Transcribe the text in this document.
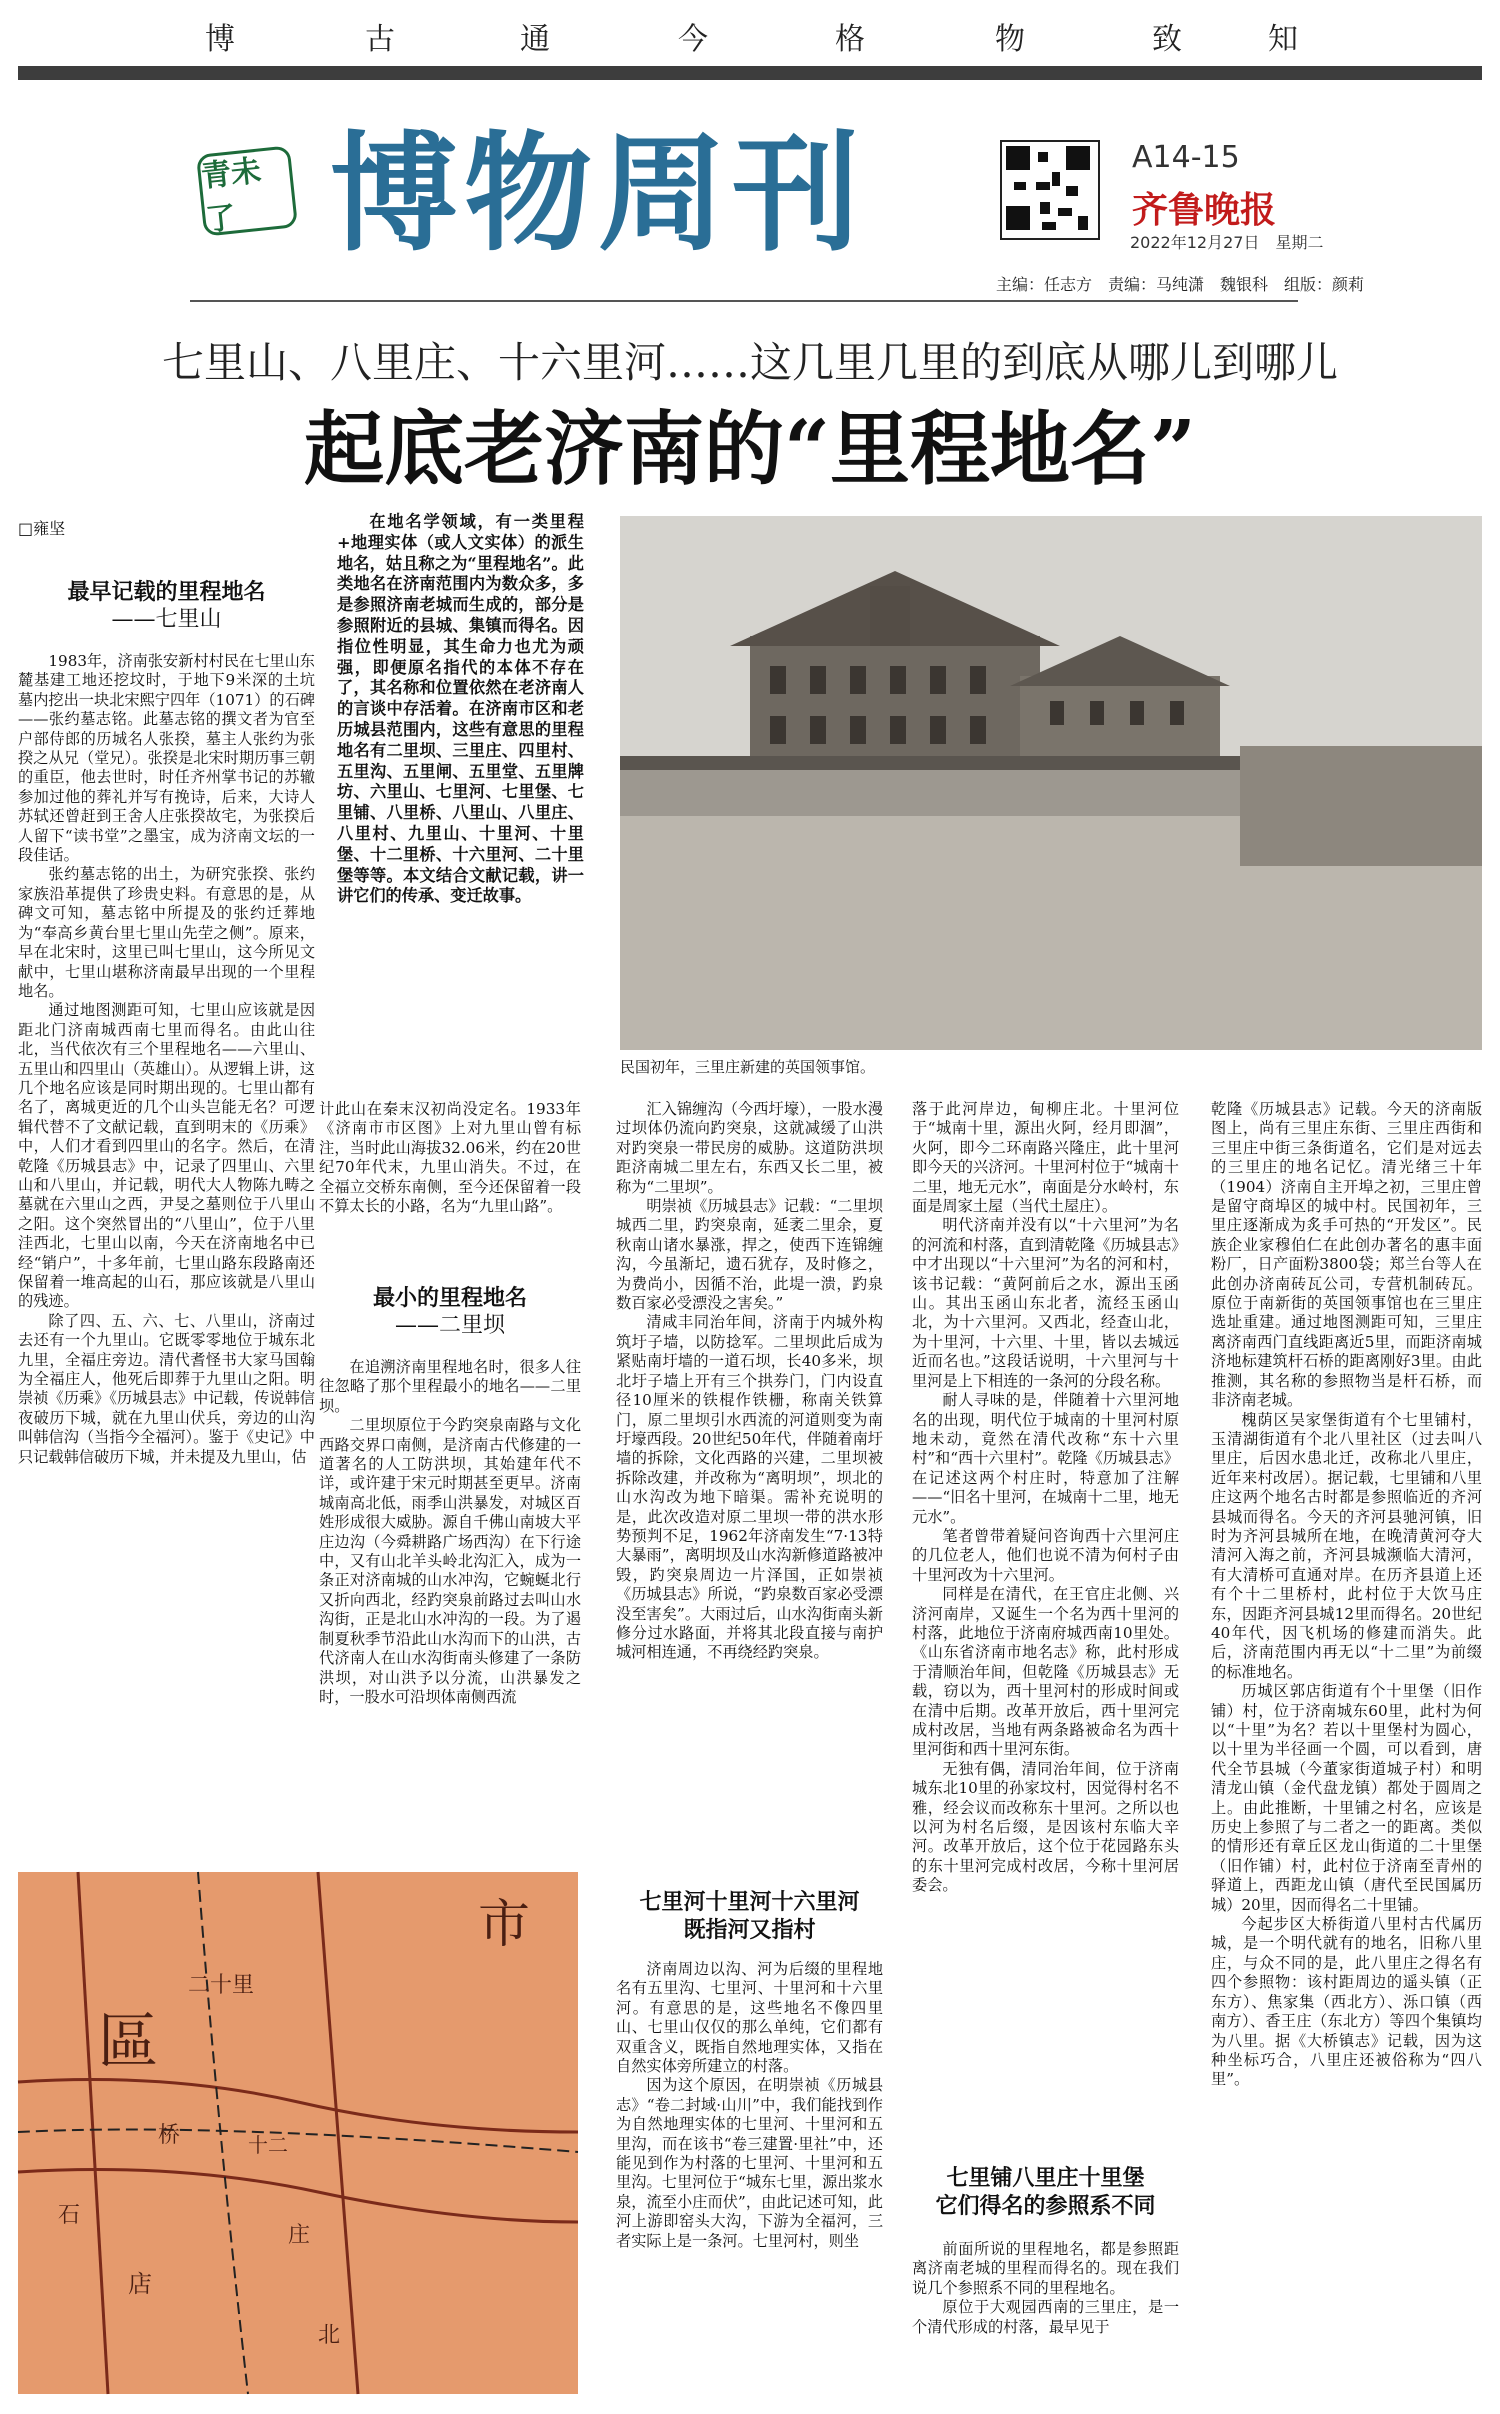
博	古	通	今	格	物	致	知
青未了 博物周刊	A14-15
齐鲁晚报
2022年12月27日　星期二
主编：任志方　责编：马纯潇　魏银科　组版：颜莉
七里山、八里庄、十六里河……这几里几里的到底从哪儿到哪儿
起底老济南的“里程地名”
□雍坚
最早记载的里程地名
——七里山

1983年，济南张安新村村民在七里山东麓基建工地还挖坟时，于地下9米深的土坑墓内挖出一块北宋熙宁四年（1071）的石碑——张约墓志铭。此墓志铭的撰文者为官至户部侍郎的历城名人张揆，墓主人张约为张揆之从兄（堂兄）。张揆是北宋时期历事三朝的重臣，他去世时，时任齐州掌书记的苏辙参加过他的葬礼并写有挽诗，后来，大诗人苏轼还曾赶到王舍人庄张揆故宅，为张揆后人留下“读书堂”之墨宝，成为济南文坛的一段佳话。

张约墓志铭的出土，为研究张揆、张约家族沿革提供了珍贵史料。有意思的是，从碑文可知，墓志铭中所提及的张约迁葬地为“奉高乡黄台里七里山先茔之侧”。原来，早在北宋时，这里已叫七里山，这今所见文献中，七里山堪称济南最早出现的一个里程地名。

通过地图测距可知，七里山应该就是因距北门济南城西南七里而得名。由此山往北，当代依次有三个里程地名——六里山、五里山和四里山（英雄山）。从逻辑上讲，这几个地名应该是同时期出现的。七里山都有名了，离城更近的几个山头岂能无名？可逻辑代替不了文献记载，直到明末的《历乘》中，人们才看到四里山的名字。然后，在清乾隆《历城县志》中，记录了四里山、六里山和八里山，并记载，明代大人物陈九畴之墓就在六里山之西，尹旻之墓则位于八里山之阳。这个突然冒出的“八里山”，位于八里洼西北，七里山以南，今天在济南地名中已经“销户”，十多年前，七里山路东段路南还保留着一堆高起的山石，那应该就是八里山的残迹。

除了四、五、六、七、八里山，济南过去还有一个九里山。它既零零地位于城东北九里，全福庄旁边。清代耆怪书大家马国翰为全福庄人，他死后即葬于九里山之阳。明崇祯《历乘》《历城县志》中记载，传说韩信夜破历下城，就在九里山伏兵，旁边的山沟叫韩信沟（当指今全福河）。鉴于《史记》中只记载韩信破历下城，并未提及九里山，估

在地名学领域，有一类里程+地理实体（或人文实体）的派生地名，姑且称之为“里程地名”。此类地名在济南范围内为数众多，多是参照济南老城而生成的，部分是参照附近的县城、集镇而得名。因指位性明显，其生命力也尤为顽强，即便原名指代的本体不存在了，其名称和位置依然在老济南人的言谈中存活着。在济南市区和老历城县范围内，这些有意思的里程地名有二里坝、三里庄、四里村、五里沟、五里闸、五里堂、五里牌坊、六里山、七里河、七里堡、七里铺、八里桥、八里山、八里庄、八里村、九里山、十里河、十里堡、十二里桥、十六里河、二十里堡等等。本文结合文献记载，讲一讲它们的传承、变迁故事。

民国初年，三里庄新建的英国领事馆。

计此山在秦末汉初尚没定名。1933年《济南市市区图》上对九里山曾有标注，当时此山海拔32.06米，约在20世纪70年代末，九里山消失。不过，在全福立交桥东南侧，至今还保留着一段不算太长的小路，名为“九里山路”。

最小的里程地名
——二里坝

在追溯济南里程地名时，很多人往往忽略了那个里程最小的地名——二里坝。

二里坝原位于今趵突泉南路与文化西路交界口南侧，是济南古代修建的一道著名的人工防洪坝，其始建年代不详，或许建于宋元时期甚至更早。济南城南高北低，雨季山洪暴发，对城区百姓形成很大威胁。源自千佛山南坡大平庄边沟（今舜耕路广场西沟）在下行途中，又有山北羊头岭北沟汇入，成为一条正对济南城的山水冲沟，它蜿蜒北行又折向西北，经趵突泉前路过去叫山水沟街，正是北山水冲沟的一段。为了遏制夏秋季节沿此山水沟而下的山洪，古代济南人在山水沟街南头修建了一条防洪坝，对山洪予以分流，山洪暴发之时，一股水可沿坝体南侧西流

汇入锦缠沟（今西圩壕），一股水漫过坝体仍流向趵突泉，这就减缓了山洪对趵突泉一带民房的威胁。这道防洪坝距济南城二里左右，东西又长二里，被称为“二里坝”。

明崇祯《历城县志》记载：“二里坝城西二里，趵突泉南，延袤二里余，夏秋南山诸水暴涨，捍之，使西下连锦缠沟，今虽渐圮，遗石犹存，及时修之，为费尚小，因循不治，此堤一溃，趵泉数百家必受漂没之害矣。”

清咸丰同治年间，济南于内城外构筑圩子墙，以防捻军。二里坝此后成为紧贴南圩墙的一道石坝，长40多米，坝北圩子墙上开有三个拱券门，门内设直径10厘米的铁棍作铁栅，称南关铁算门，原二里坝引水西流的河道则变为南圩壕西段。20世纪50年代，伴随着南圩墙的拆除，文化西路的兴建，二里坝被拆除改建，并改称为“离明坝”，坝北的山水沟改为地下暗渠。需补充说明的是，此次改造对原二里坝一带的洪水形势预判不足，1962年济南发生“7·13特大暴雨”，离明坝及山水沟新修道路被冲毁，趵突泉周边一片泽国，正如崇祯《历城县志》所说，“趵泉数百家必受漂没至害矣”。大雨过后，山水沟街南头新修分过水路面，并将其北段直接与南护城河相连通，不再绕经趵突泉。

七里河十里河十六里河
既指河又指村

济南周边以沟、河为后缀的里程地名有五里沟、七里河、十里河和十六里河。有意思的是，这些地名不像四里山、七里山仅仅的那么单纯，它们都有双重含义，既指自然地理实体，又指在自然实体旁所建立的村落。

因为这个原因，在明崇祯《历城县志》“卷二封域·山川”中，我们能找到作为自然地理实体的七里河、十里河和五里沟，而在该书“卷三建置·里社”中，还能见到作为村落的七里河、十里河和五里沟。七里河位于“城东七里，源出浆水泉，流至小庄而伏”，由此记述可知，此河上游即窑头大沟，下游为全福河，三者实际上是一条河。七里河村，则坐

落于此河岸边，甸柳庄北。十里河位于“城南十里，源出火阿，经月即涸”，火阿，即今二环南路兴隆庄，此十里河即今天的兴济河。十里河村位于“城南十二里，地无元水”，南面是分水岭村，东面是周家土屋（当代土屋庄）。

明代济南并没有以“十六里河”为名的河流和村落，直到清乾隆《历城县志》中才出现以“十六里河”为名的河和村，该书记载：“黄阿前后之水，源出玉函山。其出玉函山东北者，流经玉函山北，为十六里河。又西北，经查山北，为十里河，十六里、十里，皆以去城远近而名也。”这段话说明，十六里河与十里河是上下相连的一条河的分段名称。

耐人寻味的是，伴随着十六里河地名的出现，明代位于城南的十里河村原地未动，竟然在清代改称“东十六里村”和“西十六里村”。乾隆《历城县志》在记述这两个村庄时，特意加了注解——“旧名十里河，在城南十二里，地无元水”。

笔者曾带着疑问咨询西十六里河庄的几位老人，他们也说不清为何村子由十里河改为十六里河。

同样是在清代，在王官庄北侧、兴济河南岸，又诞生一个名为西十里河的村落，此地位于济南府城西南10里处。《山东省济南市地名志》称，此村形成于清顺治年间，但乾隆《历城县志》无载，窃以为，西十里河村的形成时间或在清中后期。改革开放后，西十里河完成村改居，当地有两条路被命名为西十里河街和西十里河东街。

无独有偶，清同治年间，位于济南城东北10里的孙家坟村，因觉得村名不雅，经会议而改称东十里河。之所以也以河为村名后缀，是因该村东临大辛河。改革开放后，这个位于花园路东头的东十里河完成村改居，今称十里河居委会。

七里铺八里庄十里堡
它们得名的参照系不同

前面所说的里程地名，都是参照距离济南老城的里程而得名的。现在我们说几个参照系不同的里程地名。

原位于大观园西南的三里庄，是一个清代形成的村落，最早见于

乾隆《历城县志》记载。今天的济南版图上，尚有三里庄东街、三里庄西街和三里庄中街三条街道名，它们是对远去的三里庄的地名记忆。清光绪三十年（1904）济南自主开埠之初，三里庄曾是留守商埠区的城中村。民国初年，三里庄逐渐成为炙手可热的“开发区”。民族企业家穆伯仁在此创办著名的惠丰面粉厂，日产面粉3800袋；郑兰台等人在此创办济南砖瓦公司，专营机制砖瓦。原位于南新街的英国领事馆也在三里庄选址重建。通过地图测距可知，三里庄离济南西门直线距离近5里，而距济南城济地标建筑杆石桥的距离刚好3里。由此推测，其名称的参照物当是杆石桥，而非济南老城。

槐荫区吴家堡街道有个七里铺村，玉清湖街道有个北八里社区（过去叫八里庄，后因水患北迁，改称北八里庄，近年来村改居）。据记载，七里铺和八里庄这两个地名古时都是参照临近的齐河县城而得名。今天的齐河县驰河镇，旧时为齐河县城所在地，在晚清黄河夺大清河入海之前，齐河县城濒临大清河，有大清桥可直通对岸。在历齐县道上还有个十二里桥村，此村位于大饮马庄东，因距齐河县城12里而得名。20世纪40年代，因飞机场的修建而消失。此后，济南范围内再无以“十二里”为前缀的标准地名。

历城区郭店街道有个十里堡（旧作铺）村，位于济南城东60里，此村为何以“十里”为名？若以十里堡村为圆心，以十里为半径画一个圆，可以看到，唐代全节县城（今董家街道城子村）和明清龙山镇（金代盘龙镇）都处于圆周之上。由此推断，十里铺之村名，应该是历史上参照了与二者之一的距离。类似的情形还有章丘区龙山街道的二十里堡（旧作铺）村，此村位于济南至青州的驿道上，西距龙山镇（唐代至民国属历城）20里，因而得名二十里铺。

今起步区大桥街道八里村古代属历城，是一个明代就有的地名，旧称八里庄，与众不同的是，此八里庄之得名有四个参照物：该村距周边的遥头镇（正东方）、焦家集（西北方）、泺口镇（西南方）、香王庄（东北方）等四个集镇均为八里。据《大桥镇志》记载，因为这种坐标巧合，八里庄还被俗称为“四八里”。

市
區
二十里
桥
店
庄
石
北
十二
1938年，地图上标有十二里桥之村名。
